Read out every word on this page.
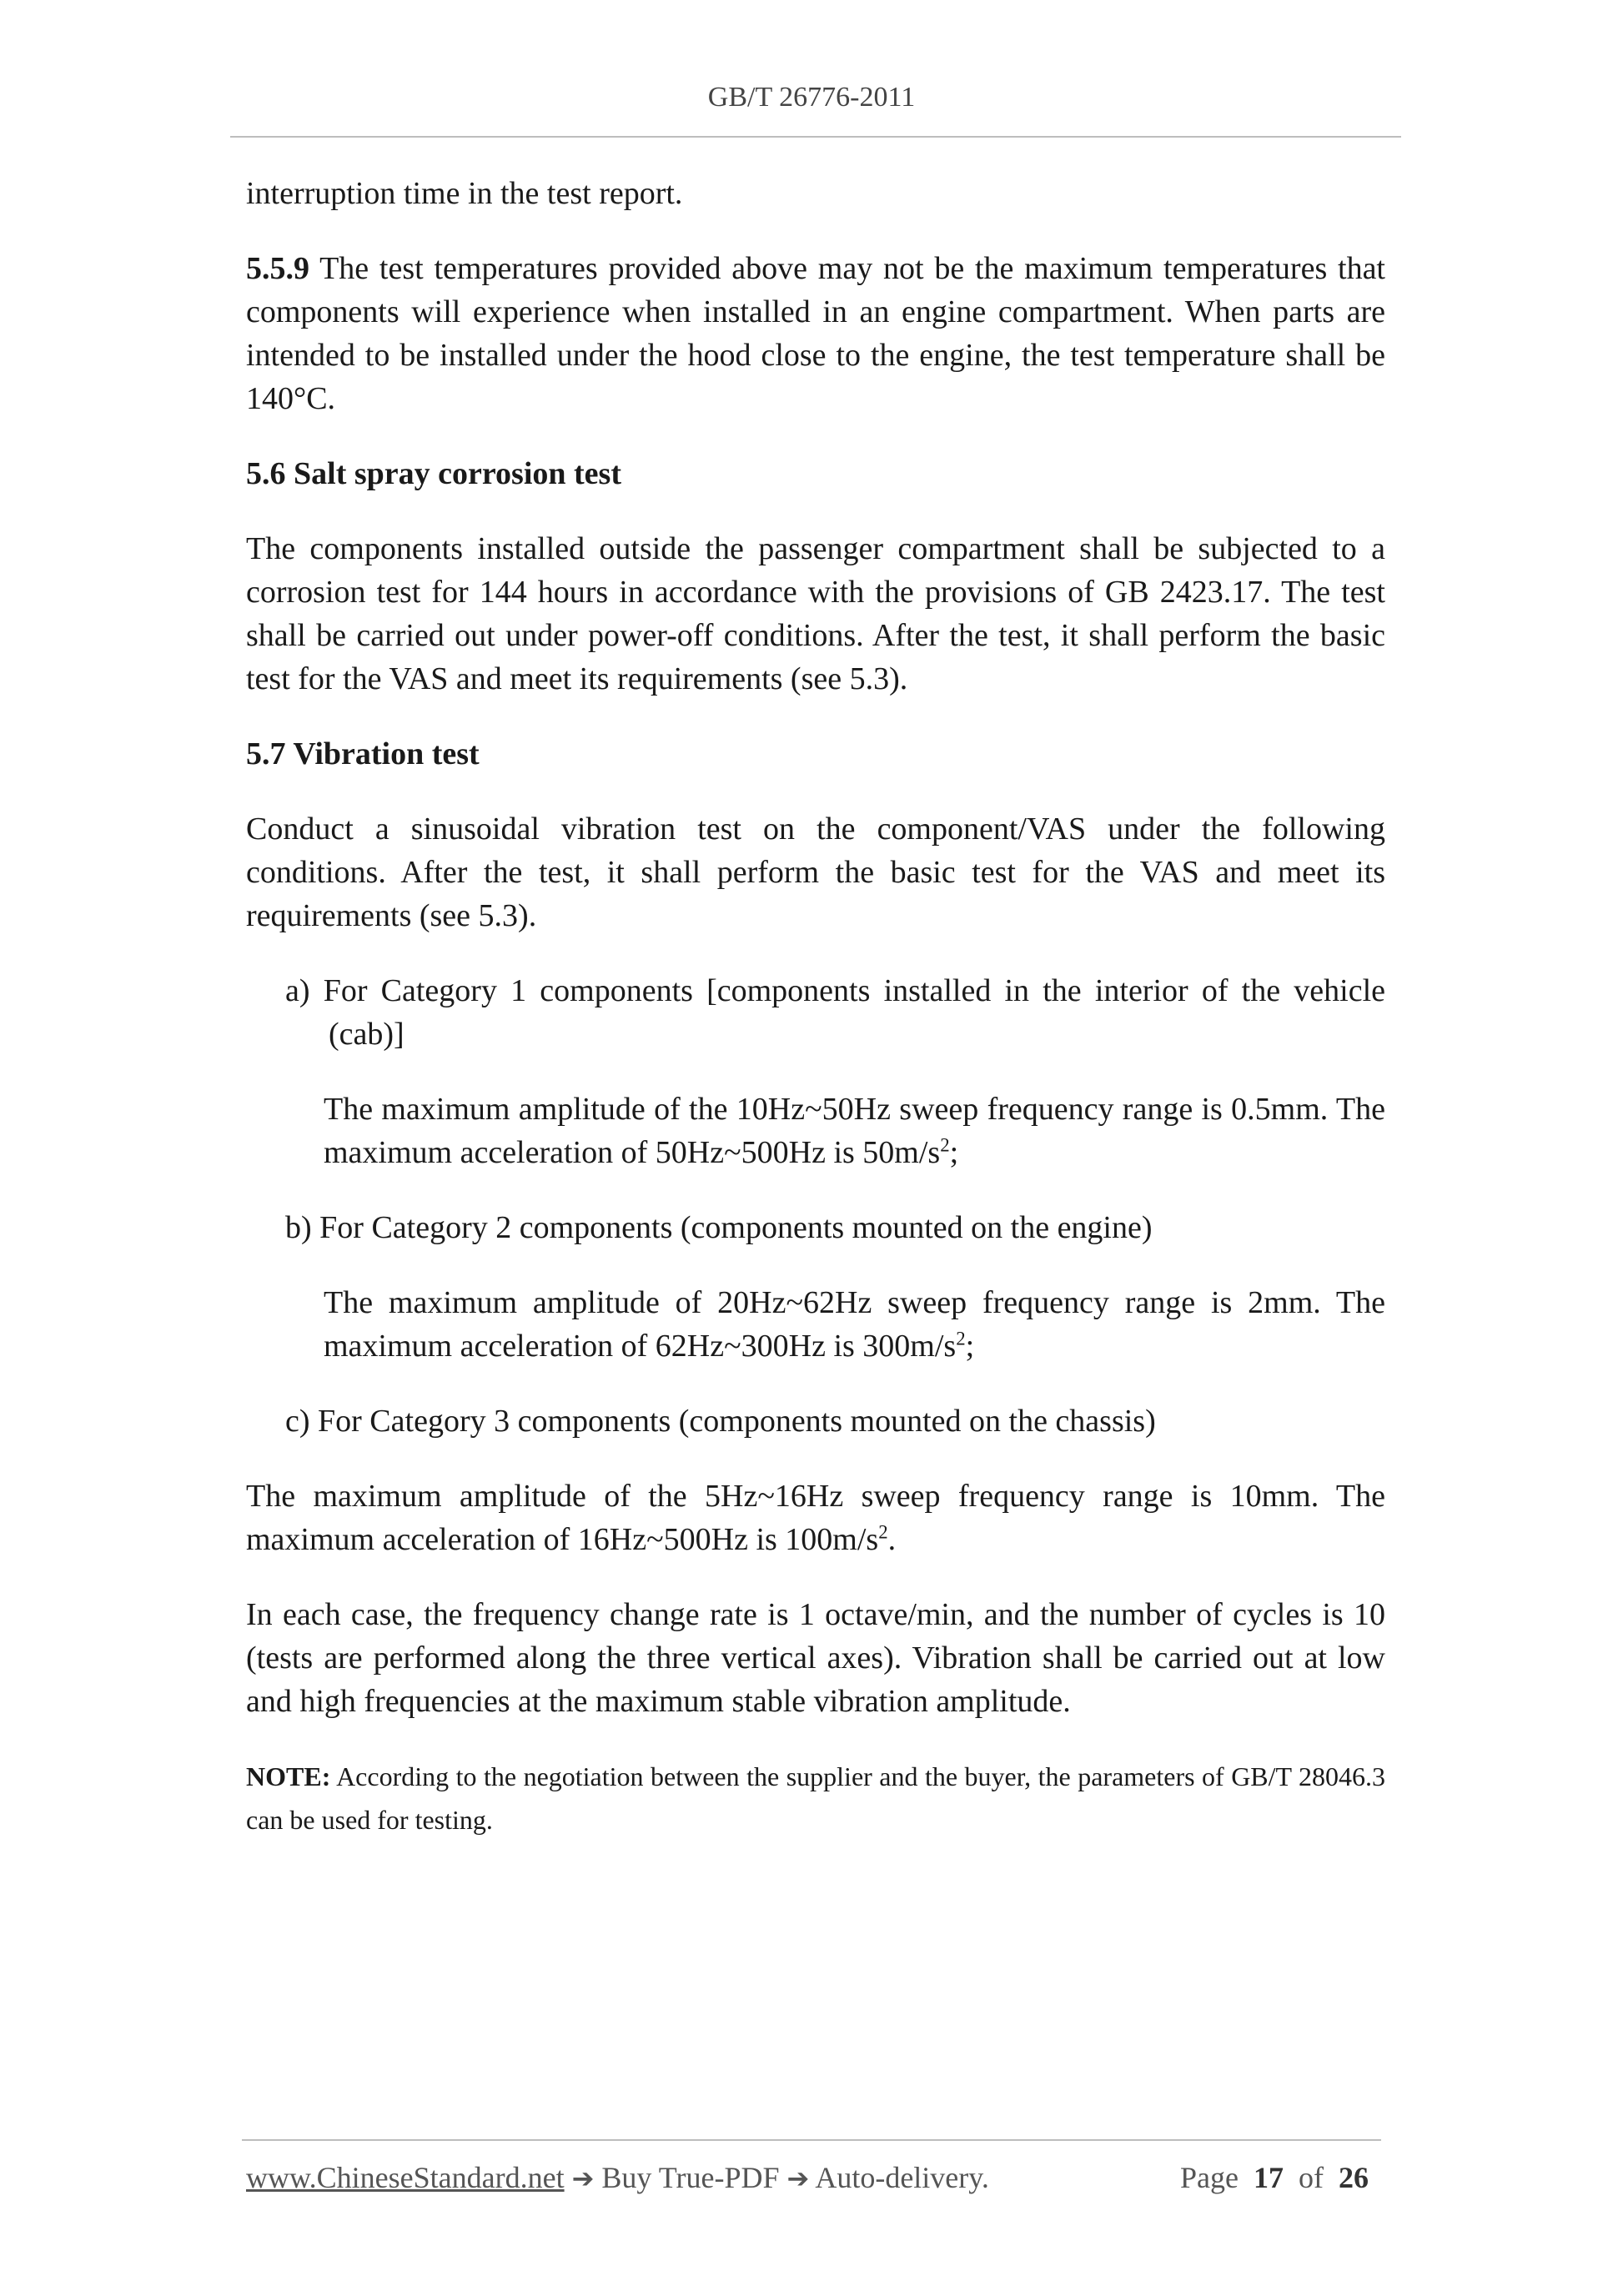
GB/T 26776-2011

interruption time in the test report.

5.5.9 The test temperatures provided above may not be the maximum temperatures that components will experience when installed in an engine compartment. When parts are intended to be installed under the hood close to the engine, the test temperature shall be 140°C.

5.6 Salt spray corrosion test

The components installed outside the passenger compartment shall be subjected to a corrosion test for 144 hours in accordance with the provisions of GB 2423.17. The test shall be carried out under power-off conditions. After the test, it shall perform the basic test for the VAS and meet its requirements (see 5.3).

5.7 Vibration test

Conduct a sinusoidal vibration test on the component/VAS under the following conditions. After the test, it shall perform the basic test for the VAS and meet its requirements (see 5.3).

a) For Category 1 components [components installed in the interior of the vehicle (cab)]

The maximum amplitude of the 10Hz~50Hz sweep frequency range is 0.5mm. The maximum acceleration of 50Hz~500Hz is $50m/s^2$;

b) For Category 2 components (components mounted on the engine)

The maximum amplitude of 20Hz~62Hz sweep frequency range is 2mm. The maximum acceleration of 62Hz~300Hz is $300m/s^2$;

c) For Category 3 components (components mounted on the chassis)

The maximum amplitude of the 5Hz~16Hz sweep frequency range is 10mm. The maximum acceleration of 16Hz~500Hz is $100m/s^2$.

In each case, the frequency change rate is 1 octave/min, and the number of cycles is 10 (tests are performed along the three vertical axes). Vibration shall be carried out at low and high frequencies at the maximum stable vibration amplitude.

NOTE: According to the negotiation between the supplier and the buyer, the parameters of GB/T 28046.3 can be used for testing.

www.ChineseStandard.net ➔ Buy True-PDF ➔ Auto-delivery.	Page 17 of 26
